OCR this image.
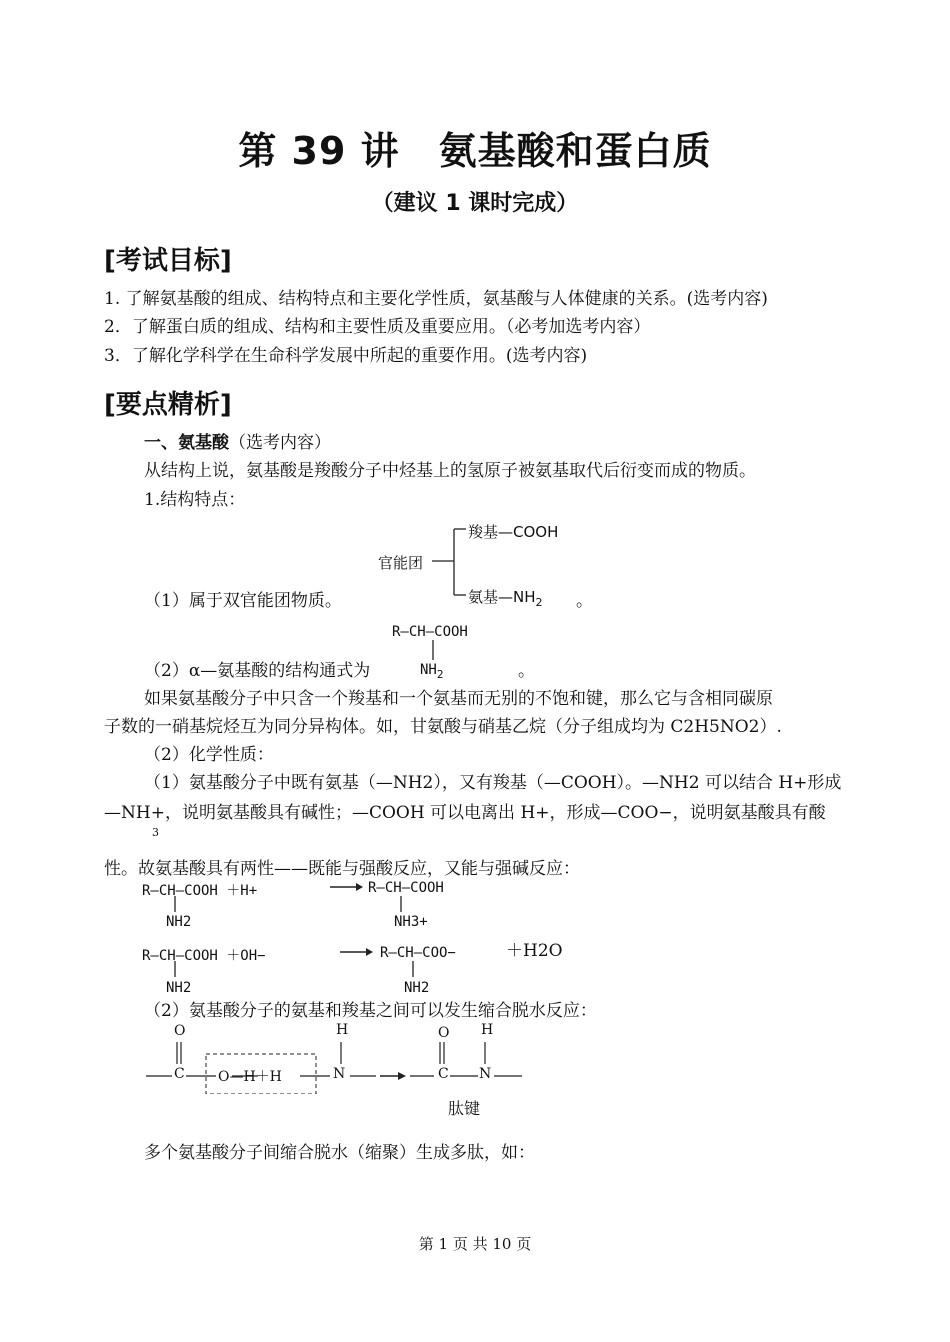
第 39 讲　氨基酸和蛋白质
（建议 1 课时完成）
[考试目标]
1. 了解氨基酸的组成、结构特点和主要化学性质，氨基酸与人体健康的关系。(选考内容)
2．了解蛋白质的组成、结构和主要性质及重要应用。（必考加选考内容）
3．了解化学科学在生命科学发展中所起的重要作用。(选考内容)
[要点精析]
一、氨基酸（选考内容）
从结构上说，氨基酸是羧酸分子中烃基上的氢原子被氨基取代后衍变而成的物质。
1.结构特点：
官能团
羧基—COOH
氨基$—NH_2$
（1）属于双官能团物质。	。
R—CH—COOH
$NH_2$
（2）α—氨基酸的结构通式为	。
如果氨基酸分子中只含一个羧基和一个氨基而无别的不饱和键，那么它与含相同碳原
子数的一硝基烷烃互为同分异构体。如，甘氨酸与硝基乙烷（分子组成均为 C2H5NO2）.
（2）化学性质：
（1）氨基酸分子中既有氨基（—NH2），又有羧基（—COOH）。—NH2 可以结合 H+形成
—NH+，说明氨基酸具有碱性；—COOH 可以电离出 H+，形成—COO−，说明氨基酸具有酸
3
性。故氨基酸具有两性——既能与强酸反应，又能与强碱反应：
R—CH—COOH ＋H+
NH2
R—CH—COOH
NH3+
R—CH—COOH ＋OH−
NH2
R—CH—COO−	＋H2O
NH2
（2）氨基酸分子的氨基和羧基之间可以发生缩合脱水反应：
O
C O—H＋H
H
N
O
C
H
N
肽键
多个氨基酸分子间缩合脱水（缩聚）生成多肽，如：
第 1 页 共 10 页
